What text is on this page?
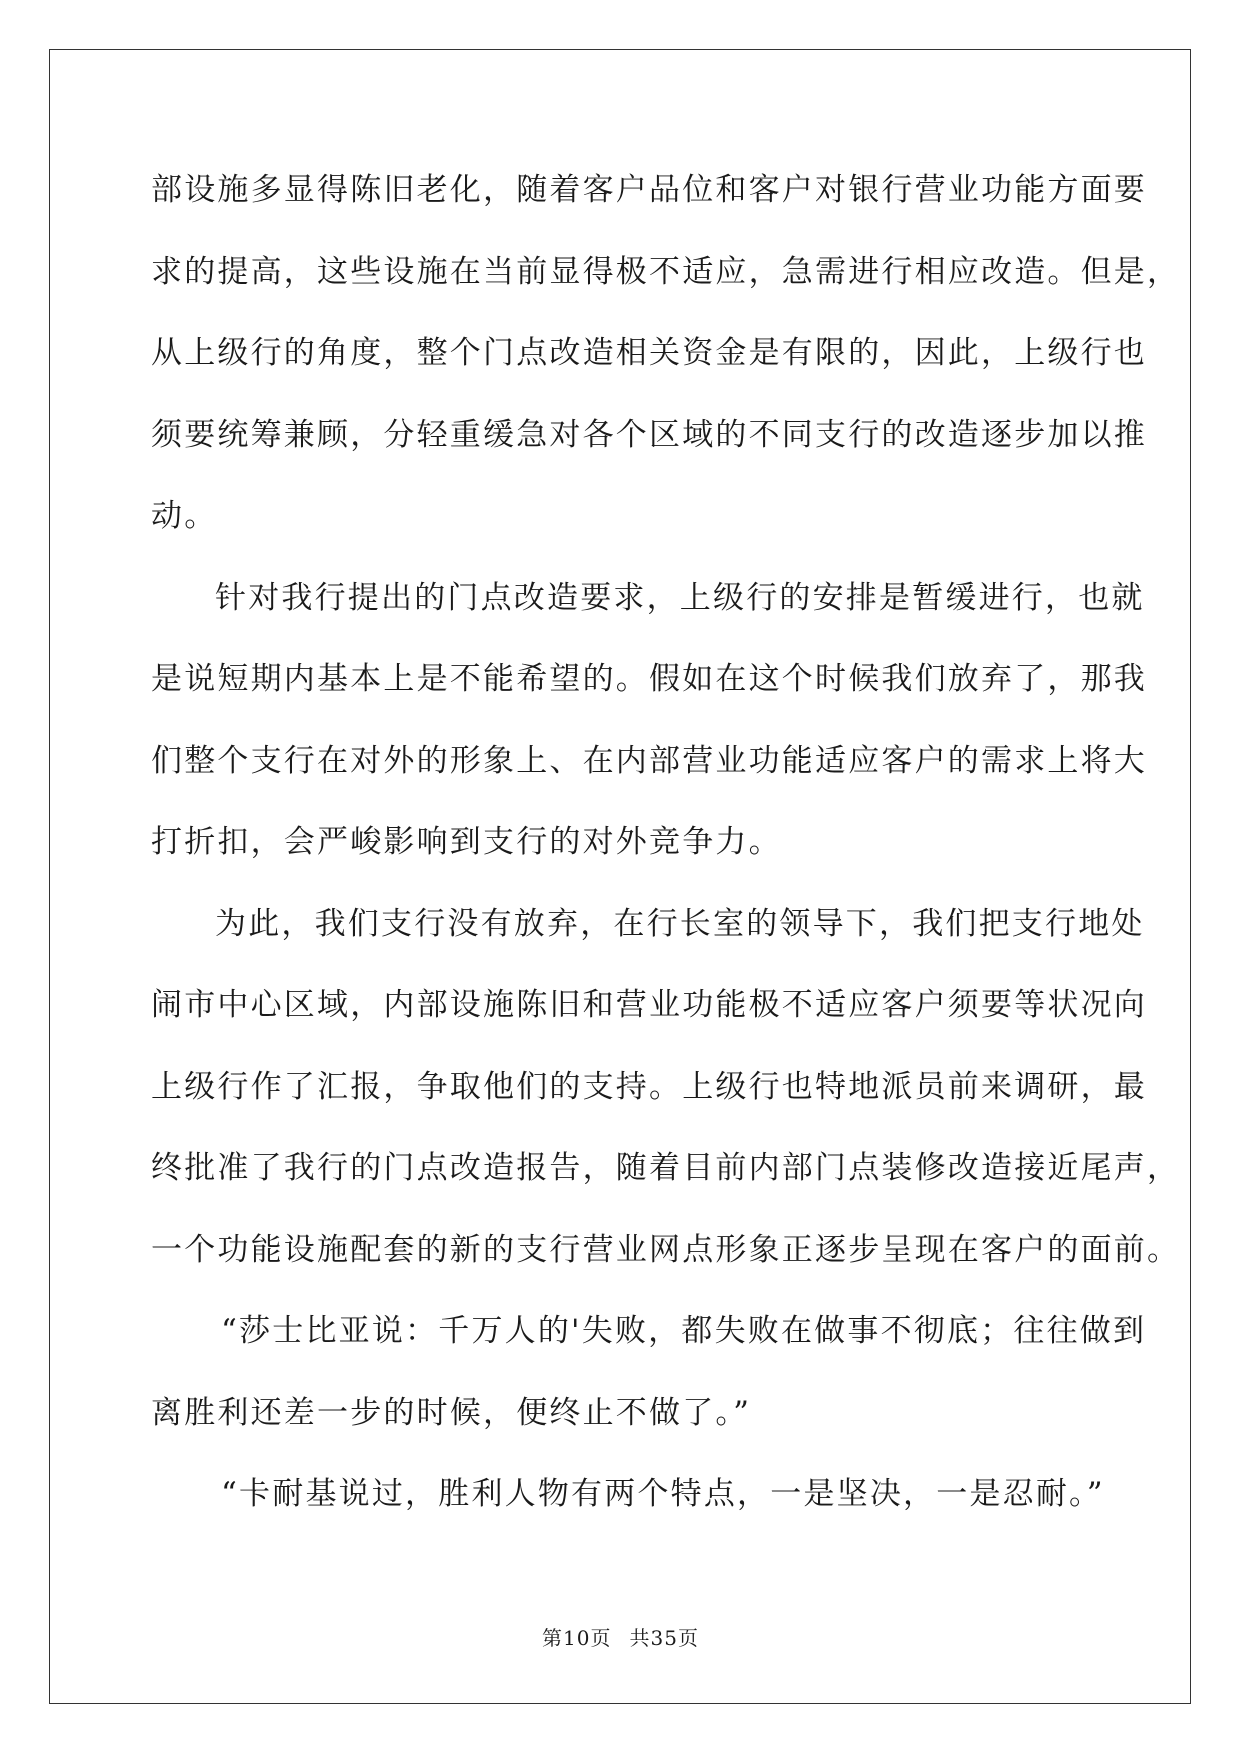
部设施多显得陈旧老化，随着客户品位和客户对银行营业功能方面要
求的提高，这些设施在当前显得极不适应，急需进行相应改造。但是，
从上级行的角度，整个门点改造相关资金是有限的，因此，上级行也
须要统筹兼顾，分轻重缓急对各个区域的不同支行的改造逐步加以推
动。
针对我行提出的门点改造要求，上级行的安排是暂缓进行，也就
是说短期内基本上是不能希望的。假如在这个时候我们放弃了，那我
们整个支行在对外的形象上、在内部营业功能适应客户的需求上将大
打折扣，会严峻影响到支行的对外竞争力。
为此，我们支行没有放弃，在行长室的领导下，我们把支行地处
闹市中心区域，内部设施陈旧和营业功能极不适应客户须要等状况向
上级行作了汇报，争取他们的支持。上级行也特地派员前来调研，最
终批准了我行的门点改造报告，随着目前内部门点装修改造接近尾声，
一个功能设施配套的新的支行营业网点形象正逐步呈现在客户的面前。
“莎士比亚说：千万人的'失败，都失败在做事不彻底；往往做到
离胜利还差一步的时候，便终止不做了。”
“卡耐基说过，胜利人物有两个特点，一是坚决，一是忍耐。”
第10页 共35页
